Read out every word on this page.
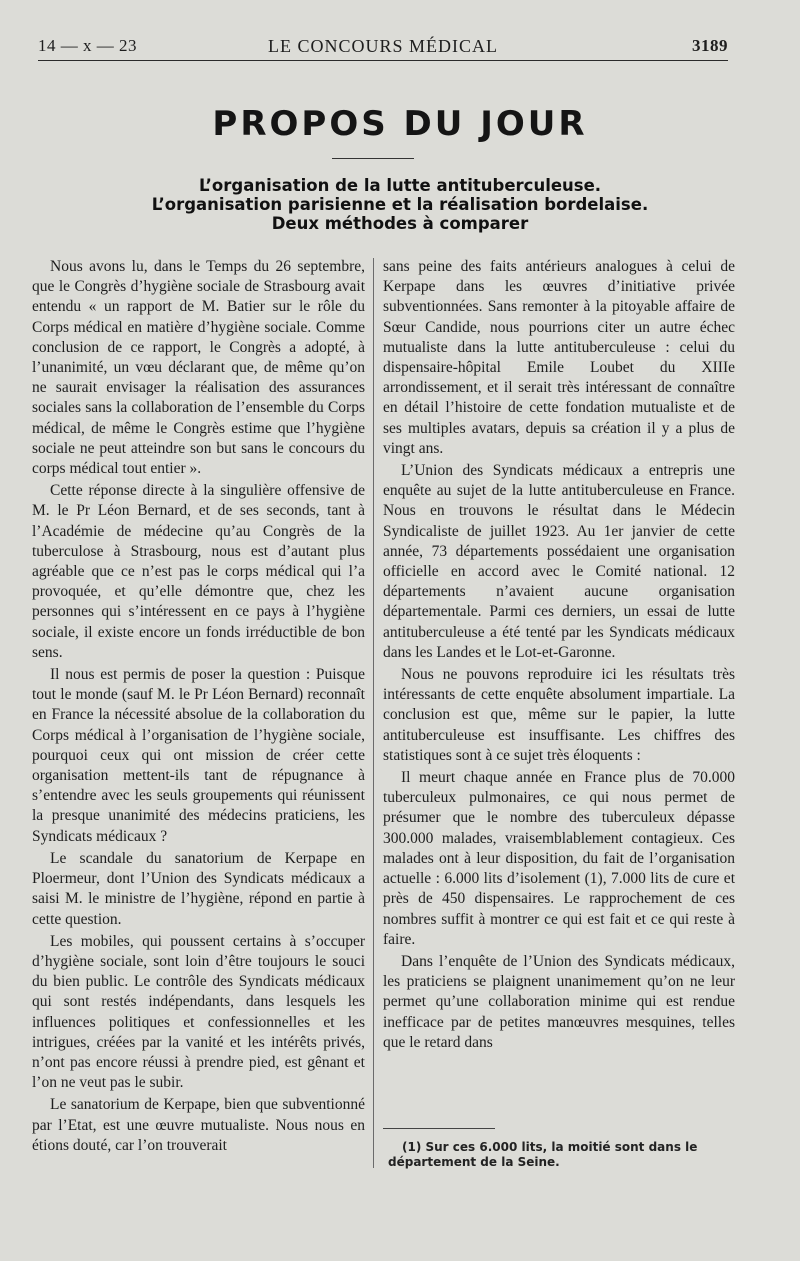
14 — x — 23	LE CONCOURS MÉDICAL	3189
PROPOS DU JOUR
L’organisation de la lutte antituberculeuse.
L’organisation parisienne et la réalisation bordelaise.
Deux méthodes à comparer

Nous avons lu, dans le Temps du 26 septembre, que le Congrès d’hygiène sociale de Strasbourg avait entendu « un rapport de M. Batier sur le rôle du Corps médical en matière d’hygiène sociale. Comme conclusion de ce rapport, le Congrès a adopté, à l’unanimité, un vœu déclarant que, de même qu’on ne saurait envisager la réalisation des assurances sociales sans la collaboration de l’ensemble du Corps médical, de même le Congrès estime que l’hygiène sociale ne peut atteindre son but sans le concours du corps médical tout entier ».

Cette réponse directe à la singulière offensive de M. le Pr Léon Bernard, et de ses seconds, tant à l’Académie de médecine qu’au Congrès de la tuberculose à Strasbourg, nous est d’autant plus agréable que ce n’est pas le corps médical qui l’a provoquée, et qu’elle démontre que, chez les personnes qui s’intéressent en ce pays à l’hygiène sociale, il existe encore un fonds irréductible de bon sens.

Il nous est permis de poser la question : Puisque tout le monde (sauf M. le Pr Léon Bernard) reconnaît en France la nécessité absolue de la collaboration du Corps médical à l’organisation de l’hygiène sociale, pourquoi ceux qui ont mission de créer cette organisation mettent-ils tant de répugnance à s’entendre avec les seuls groupements qui réunissent la presque unanimité des médecins praticiens, les Syndicats médicaux ?

Le scandale du sanatorium de Kerpape en Ploermeur, dont l’Union des Syndicats médicaux a saisi M. le ministre de l’hygiène, répond en partie à cette question.

Les mobiles, qui poussent certains à s’occuper d’hygiène sociale, sont loin d’être toujours le souci du bien public. Le contrôle des Syndicats médicaux qui sont restés indépendants, dans lesquels les influences politiques et confessionnelles et les intrigues, créées par la vanité et les intérêts privés, n’ont pas encore réussi à prendre pied, est gênant et l’on ne veut pas le subir.

Le sanatorium de Kerpape, bien que subventionné par l’Etat, est une œuvre mutualiste. Nous nous en étions douté, car l’on trouverait

sans peine des faits antérieurs analogues à celui de Kerpape dans les œuvres d’initiative privée subventionnées. Sans remonter à la pitoyable affaire de Sœur Candide, nous pourrions citer un autre échec mutualiste dans la lutte antituberculeuse : celui du dispensaire-hôpital Emile Loubet du XIIIe arrondissement, et il serait très intéressant de connaître en détail l’histoire de cette fondation mutualiste et de ses multiples avatars, depuis sa création il y a plus de vingt ans.

L’Union des Syndicats médicaux a entrepris une enquête au sujet de la lutte antituberculeuse en France. Nous en trouvons le résultat dans le Médecin Syndicaliste de juillet 1923. Au 1er janvier de cette année, 73 départements possédaient une organisation officielle en accord avec le Comité national. 12 départements n’avaient aucune organisation départementale. Parmi ces derniers, un essai de lutte antituberculeuse a été tenté par les Syndicats médicaux dans les Landes et le Lot-et-Garonne.

Nous ne pouvons reproduire ici les résultats très intéressants de cette enquête absolument impartiale. La conclusion est que, même sur le papier, la lutte antituberculeuse est insuffisante. Les chiffres des statistiques sont à ce sujet très éloquents :

Il meurt chaque année en France plus de 70.000 tuberculeux pulmonaires, ce qui nous permet de présumer que le nombre des tuberculeux dépasse 300.000 malades, vraisemblablement contagieux. Ces malades ont à leur disposition, du fait de l’organisation actuelle : 6.000 lits d’isolement (1), 7.000 lits de cure et près de 450 dispensaires. Le rapprochement de ces nombres suffit à montrer ce qui est fait et ce qui reste à faire.

Dans l’enquête de l’Union des Syndicats médicaux, les praticiens se plaignent unanimement qu’on ne leur permet qu’une collaboration minime qui est rendue inefficace par de petites manœuvres mesquines, telles que le retard dans

(1) Sur ces 6.000 lits, la moitié sont dans le département de la Seine.
